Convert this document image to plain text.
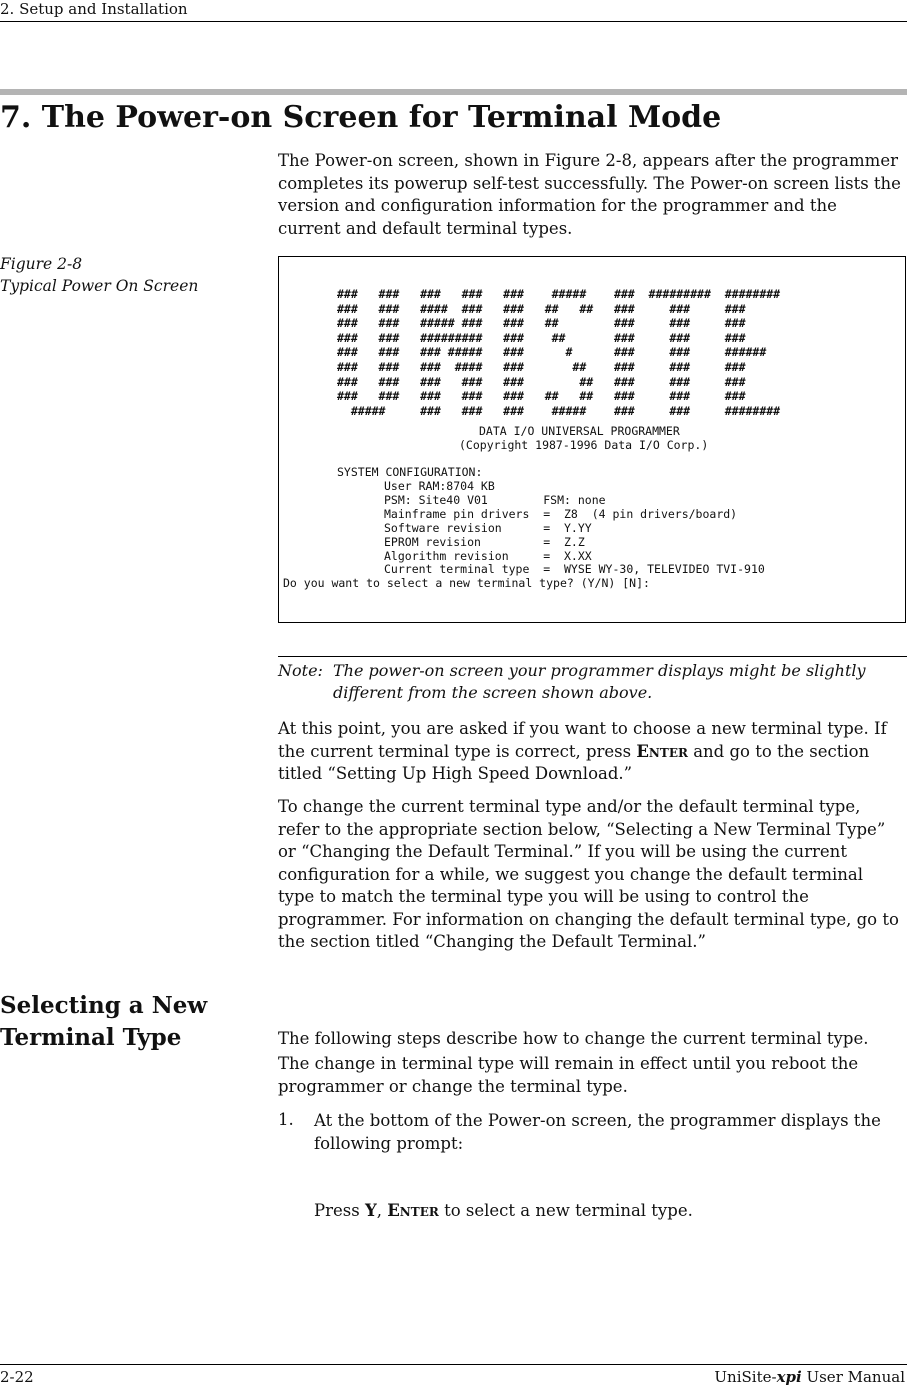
2. Setup and Installation
7. The Power-on Screen for Terminal Mode
The Power-on screen, shown in Figure 2-8, appears after the programmer completes its powerup self-test successfully. The Power-on screen lists the version and configuration information for the programmer and the current and default terminal types.
Figure 2-8
Typical Power On Screen	###   ###   ###   ###   ###    #####    ###  #########  ########
###   ###   ####  ###   ###   ##   ##   ###     ###     ###
###   ###   ##### ###   ###   ##        ###     ###     ###
###   ###   #########   ###    ##       ###     ###     ###
###   ###   ### #####   ###      #      ###     ###     ######
###   ###   ###  ####   ###       ##    ###     ###     ###
###   ###   ###   ###   ###        ##   ###     ###     ###
###   ###   ###   ###   ###   ##   ##   ###     ###     ###
#####     ###   ###   ###    #####    ###     ###     ########
DATA I/O UNIVERSAL PROGRAMMER
(Copyright 1987-1996 Data I/O Corp.)
SYSTEM CONFIGURATION:
User RAM:8704 KB
PSM: Site40 V01        FSM: none
Mainframe pin drivers  =  Z8  (4 pin drivers/board)
Software revision      =  Y.YY
EPROM revision         =  Z.Z
Algorithm revision     =  X.XX
Current terminal type  =  WYSE WY-30, TELEVIDEO TVI-910
Do you want to select a new terminal type? (Y/N) [N]:
Note: The power-on screen your programmer displays might be slightly different from the screen shown above.
At this point, you are asked if you want to choose a new terminal type. If the current terminal type is correct, press Enter and go to the section titled “Setting Up High Speed Download.”
To change the current terminal type and/or the default terminal type, refer to the appropriate section below, “Selecting a New Terminal Type” or “Changing the Default Terminal.” If you will be using the current configuration for a while, we suggest you change the default terminal type to match the terminal type you will be using to control the programmer. For information on changing the default terminal type, go to the section titled “Changing the Default Terminal.”
Selecting a New
Terminal Type	The following steps describe how to change the current terminal type.
The change in terminal type will remain in effect until you reboot the programmer or change the terminal type.
1. At the bottom of the Power-on screen, the programmer displays the following prompt:
Press Y, Enter to select a new terminal type.
2-22	UniSite-xpi User Manual
